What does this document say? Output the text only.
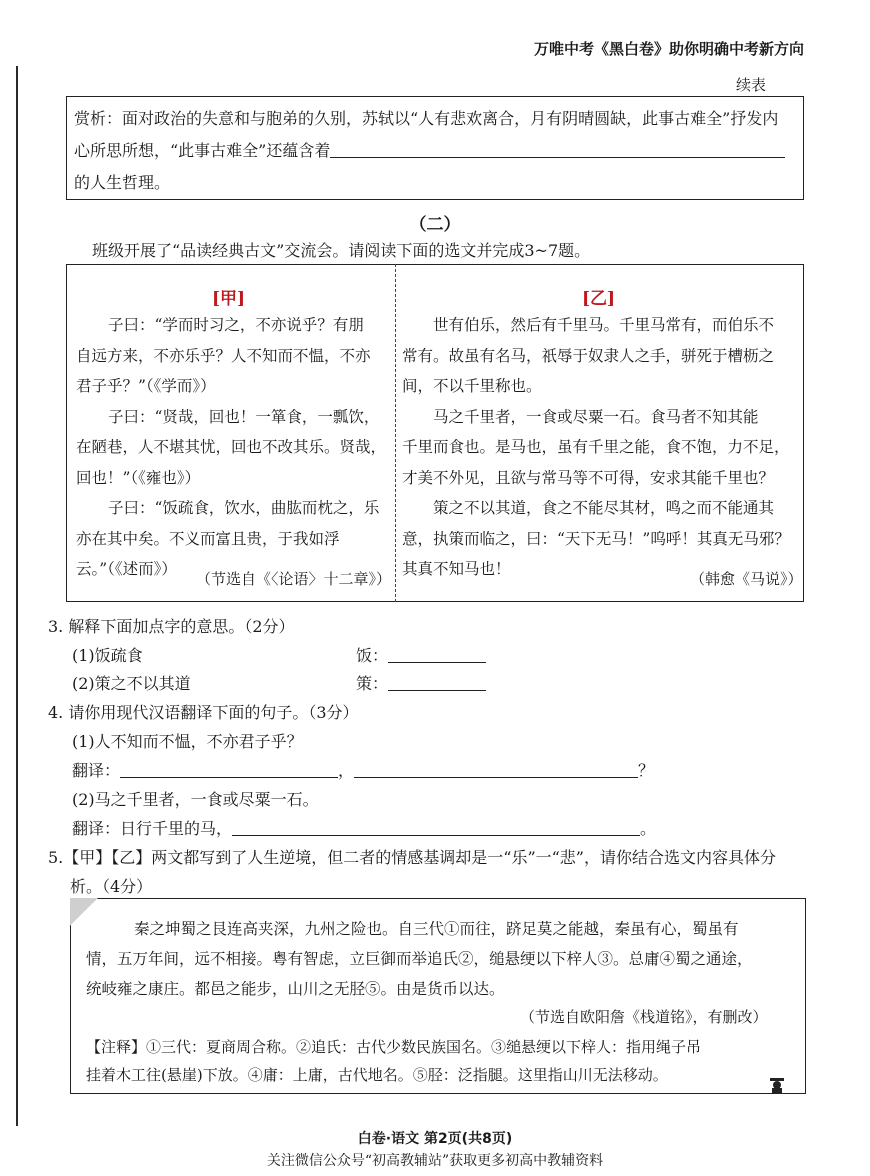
万唯中考《黑白卷》助你明确中考新方向
续表
赏析：面对政治的失意和与胞弟的久别，苏轼以“人有悲欢离合，月有阴晴圆缺，此事古难全”抒发内
心所思所想，“此事古难全”还蕴含着
的人生哲理。
（二）
班级开展了“品读经典古文”交流会。请阅读下面的选文并完成3~7题。
[甲]	[乙]
子曰：“学而时习之，不亦说乎？有朋
自远方来，不亦乐乎？人不知而不愠，不亦
君子乎？”（《学而》）
子曰：“贤哉，回也！一箪食，一瓢饮，
在陋巷，人不堪其忧，回也不改其乐。贤哉，
回也！”（《雍也》）
子曰：“饭疏食，饮水，曲肱而枕之，乐
亦在其中矣。不义而富且贵，于我如浮
云。”（《述而》）
（节选自《〈论语〉十二章》）
世有伯乐，然后有千里马。千里马常有，而伯乐不
常有。故虽有名马，祇辱于奴隶人之手，骈死于槽枥之
间，不以千里称也。
马之千里者，一食或尽粟一石。食马者不知其能
千里而食也。是马也，虽有千里之能，食不饱，力不足，
才美不外见，且欲与常马等不可得，安求其能千里也？
策之不以其道，食之不能尽其材，鸣之而不能通其
意，执策而临之，曰：“天下无马！”呜呼！其真无马邪？
其真不知马也！
（韩愈《马说》）
3. 解释下面加点字的意思。（2分）
(1)饭疏食	饭：
(2)策之不以其道	策：
4. 请你用现代汉语翻译下面的句子。（3分）
(1)人不知而不愠，不亦君子乎？
翻译：	，	？
(2)马之千里者，一食或尽粟一石。
翻译：日行千里的马，	。
5.【甲】【乙】两文都写到了人生逆境，但二者的情感基调却是一“乐”一“悲”，请你结合选文内容具体分
析。（4分）
秦之坤蜀之艮连高夹深，九州之险也。自三代①而往，跻足莫之能越，秦虽有心，蜀虽有
情，五万年间，远不相接。粤有智虑，立巨御而举追氏②，缒悬绠以下梓人③。总庸④蜀之通途，
统岐雍之康庄。都邑之能步，山川之无胫⑤。由是货币以达。
（节选自欧阳詹《栈道铭》，有删改）
【注释】①三代：夏商周合称。②追氏：古代少数民族国名。③缒悬绠以下梓人：指用绳子吊
挂着木工往(悬崖)下放。④庸：上庸，古代地名。⑤胫：泛指腿。这里指山川无法移动。
白卷·语文 第2页(共8页)
关注微信公众号“初高教辅站”获取更多初高中教辅资料
